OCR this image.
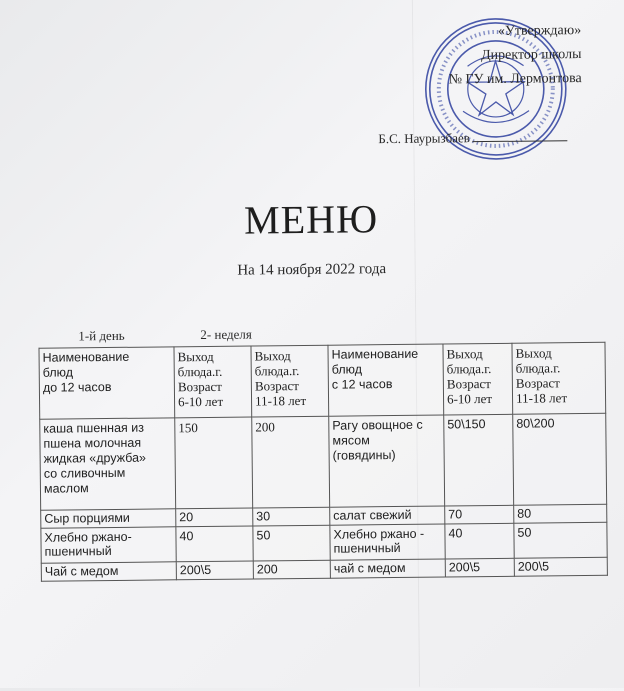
«Утверждаю»
Директор школы
№ ГУ им. Лермонтова
Б.С. Наурызбаев
МЕНЮ
На 14 ноября 2022 года
1-й день	2- неделя
Наименование
блюд
до 12 часов	Выход
блюда.г.
Возраст
6-10 лет	Выход
блюда.г.
Возраст
11-18 лет	Наименование
блюд
с 12 часов	Выход
блюда.г.
Возраст
6-10 лет	Выход
блюда.г.
Возраст
11-18 лет
каша пшенная из
пшена молочная
жидкая «дружба»
со сливочным
маслом	150	200	Рагу овощное с
мясом
(говядины)	50\150	80\200
Сыр порциями	20	30	салат свежий	70	80
Хлебно ржано-
пшеничный	40	50	Хлебно ржано -
пшеничный	40	50
Чай с медом	200\5	200	чай с медом	200\5	200\5
